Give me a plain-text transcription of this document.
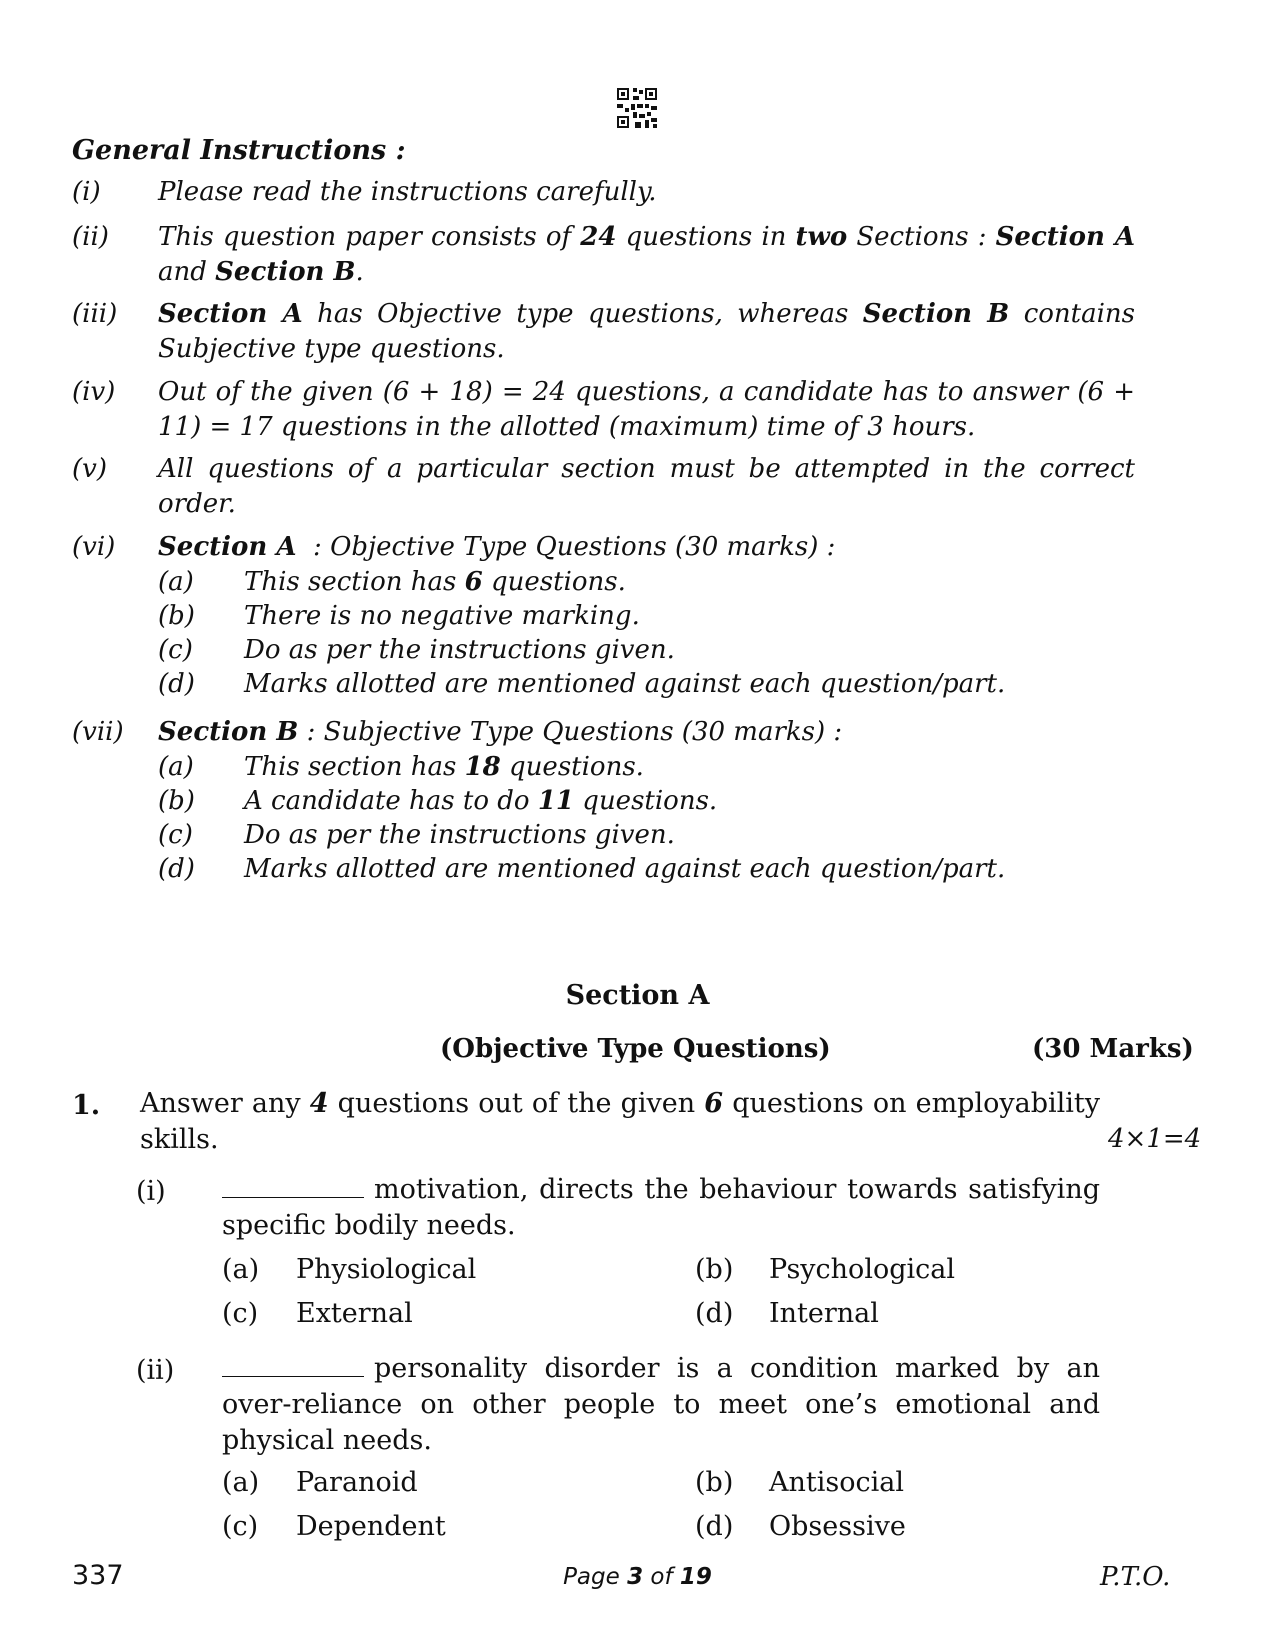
General Instructions :
(i) Please read the instructions carefully.
(ii) This question paper consists of 24 questions in two Sections : Section A and Section B.
(iii) Section A has Objective type questions, whereas Section B contains Subjective type questions.
(iv) Out of the given (6 + 18) = 24 questions, a candidate has to answer (6 + 11) = 17 questions in the allotted (maximum) time of 3 hours.
(v) All questions of a particular section must be attempted in the correct order.
(vi) Section A  : Objective Type Questions (30 marks) :
(a) This section has 6 questions.
(b) There is no negative marking.
(c) Do as per the instructions given.
(d) Marks allotted are mentioned against each question/part.
(vii) Section B : Subjective Type Questions (30 marks) :
(a) This section has 18 questions.
(b) A candidate has to do 11 questions.
(c) Do as per the instructions given.
(d) Marks allotted are mentioned against each question/part.
Section A
(Objective Type Questions)	(30 Marks)
1. Answer any 4 questions out of the given 6 questions on employability skills.	4×1=4
(i)	motivation, directs the behaviour towards satisfying specific bodily needs.
(a) Physiological	(b) Psychological
(c) External	(d) Internal
(ii)	personality disorder is a condition marked by an over-reliance on other people to meet one’s emotional and physical needs.
(a) Paranoid	(b) Antisocial
(c) Dependent	(d) Obsessive
337	Page 3 of 19	P.T.O.
